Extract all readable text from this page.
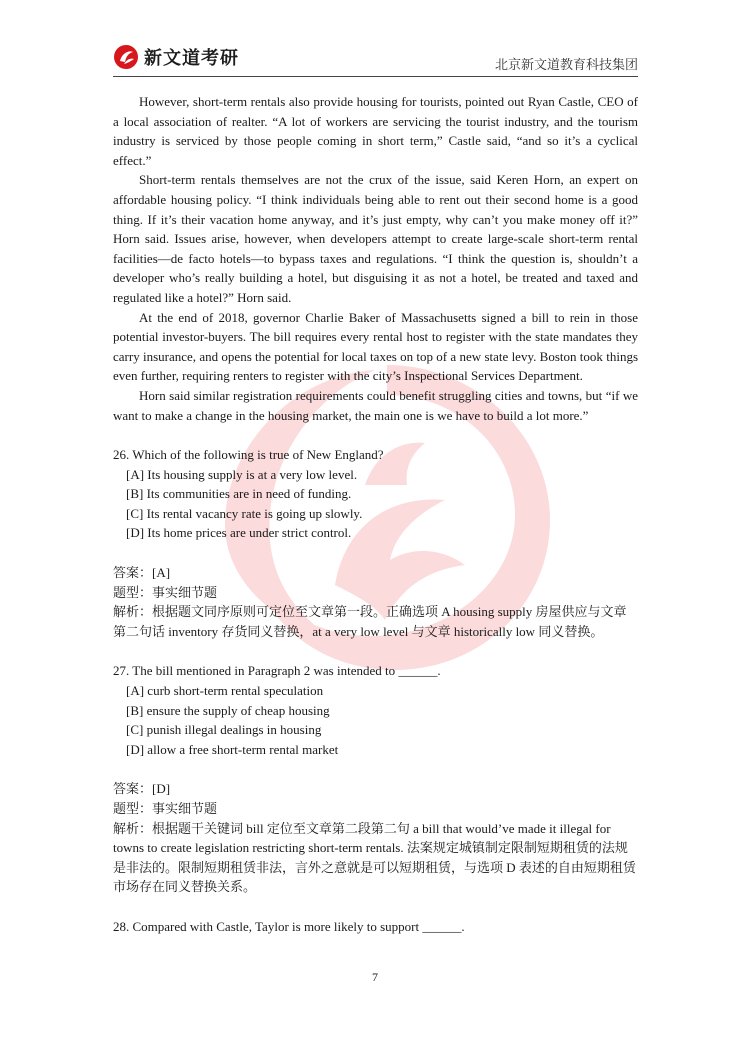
新文道考研	北京新文道教育科技集团

However, short-term rentals also provide housing for tourists, pointed out Ryan Castle, CEO of a local association of realter. “A lot of workers are servicing the tourist industry, and the tourism industry is serviced by those people coming in short term,” Castle said, “and so it’s a cyclical effect.”

Short-term rentals themselves are not the crux of the issue, said Keren Horn, an expert on affordable housing policy. “I think individuals being able to rent out their second home is a good thing. If it’s their vacation home anyway, and it’s just empty, why can’t you make money off it?” Horn said. Issues arise, however, when developers attempt to create large-scale short-term rental facilities—de facto hotels—to bypass taxes and regulations. “I think the question is, shouldn’t a developer who’s really building a hotel, but disguising it as not a hotel, be treated and taxed and regulated like a hotel?” Horn said.

At the end of 2018, governor Charlie Baker of Massachusetts signed a bill to rein in those potential investor-buyers. The bill requires every rental host to register with the state mandates they carry insurance, and opens the potential for local taxes on top of a new state levy. Boston took things even further, requiring renters to register with the city’s Inspectional Services Department.

Horn said similar registration requirements could benefit struggling cities and towns, but “if we want to make a change in the housing market, the main one is we have to build a lot more.”

26. Which of the following is true of New England?

[A] Its housing supply is at a very low level.

[B] Its communities are in need of funding.

[C] Its rental vacancy rate is going up slowly.

[D] Its home prices are under strict control.

答案：[A]

题型：事实细节题

解析：根据题文同序原则可定位至文章第一段。正确选项 A housing supply 房屋供应与文章第二句话 inventory 存货同义替换，at a very low level 与文章 historically low 同义替换。

27. The bill mentioned in Paragraph 2 was intended to ______.

[A] curb short-term rental speculation

[B] ensure the supply of cheap housing

[C] punish illegal dealings in housing

[D] allow a free short-term rental market

答案：[D]

题型：事实细节题

解析：根据题干关键词 bill 定位至文章第二段第二句 a bill that would’ve made it illegal for towns to create legislation restricting short-term rentals. 法案规定城镇制定限制短期租赁的法规是非法的。限制短期租赁非法，言外之意就是可以短期租赁，与选项 D 表述的自由短期租赁市场存在同义替换关系。

28. Compared with Castle, Taylor is more likely to support ______.

7
